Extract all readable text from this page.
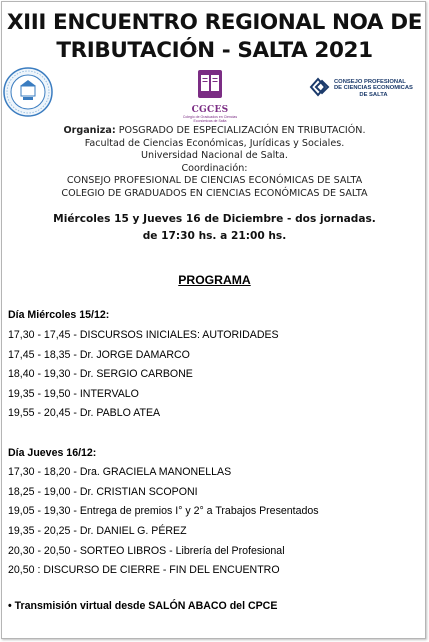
XIII ENCUENTRO REGIONAL NOA DE
TRIBUTACIÓN - SALTA 2021
CGCES
Colegio de Graduados en Ciencias Económicas de Salta
CONSEJO PROFESIONAL
DE CIENCIAS ECONOMICAS
DE SALTA
Organiza: POSGRADO DE ESPECIALIZACIÓN EN TRIBUTACIÓN.
Facultad de Ciencias Económicas, Jurídicas y Sociales.
Universidad Nacional de Salta.
Coordinación:
CONSEJO PROFESIONAL DE CIENCIAS ECONÓMICAS DE SALTA
COLEGIO DE GRADUADOS EN CIENCIAS ECONÓMICAS DE SALTA
Miércoles 15 y Jueves 16 de Diciembre - dos jornadas.
de 17:30 hs. a 21:00 hs.
PROGRAMA
Día Miércoles 15/12:
17,30 - 17,45 - DISCURSOS INICIALES: AUTORIDADES
17,45 - 18,35 - Dr. JORGE DAMARCO
18,40 - 19,30 - Dr. SERGIO CARBONE
19,35 - 19,50 - INTERVALO
19,55 - 20,45 - Dr. PABLO ATEA
Día Jueves 16/12:
17,30 - 18,20 - Dra. GRACIELA MANONELLAS
18,25 - 19,00 - Dr. CRISTIAN SCOPONI
19,05 - 19,30 - Entrega de premios I° y 2° a Trabajos Presentados
19,35 - 20,25 - Dr. DANIEL G. PÉREZ
20,30 - 20,50 - SORTEO LIBROS - Librería del Profesional
20,50 : DISCURSO DE CIERRE - FIN DEL ENCUENTRO
• Transmisión virtual desde SALÓN ABACO del CPCE
